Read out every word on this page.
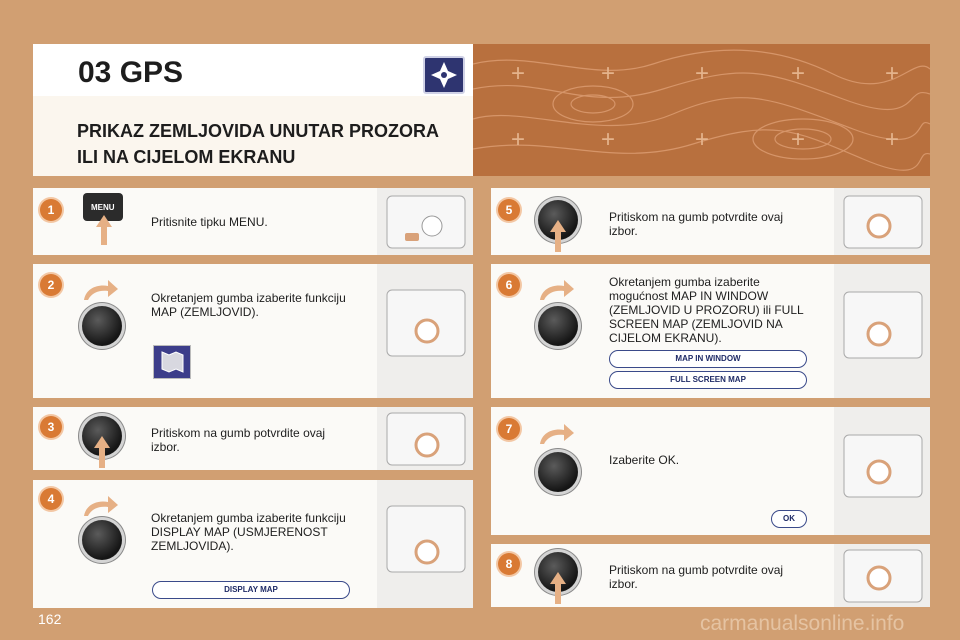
+	+	+	+	+
+	+	+	+	+
03 GPS
PRIKAZ ZEMLJOVIDA UNUTAR PROZORA
ILI NA CIJELOM EKRANU
1	MENU
Pritisnite tipku MENU.
2
Okretanjem gumba izaberite funkciju MAP (ZEMLJOVID).
3	Pritiskom na gumb potvrdite ovaj izbor.
4
Okretanjem gumba izaberite funkciju DISPLAY MAP (USMJERENOST ZEMLJOVIDA).
DISPLAY MAP
5	Pritiskom na gumb potvrdite ovaj izbor.
6	Okretanjem gumba izaberite mogućnost MAP IN WINDOW (ZEMLJOVID U PROZORU) ili FULL SCREEN MAP (ZEMLJOVID NA CIJELOM EKRANU).
MAP IN WINDOW
FULL SCREEN MAP
7
Izaberite OK.
OK
8	Pritiskom na gumb potvrdite ovaj izbor.
162	carmanualsonline.info
